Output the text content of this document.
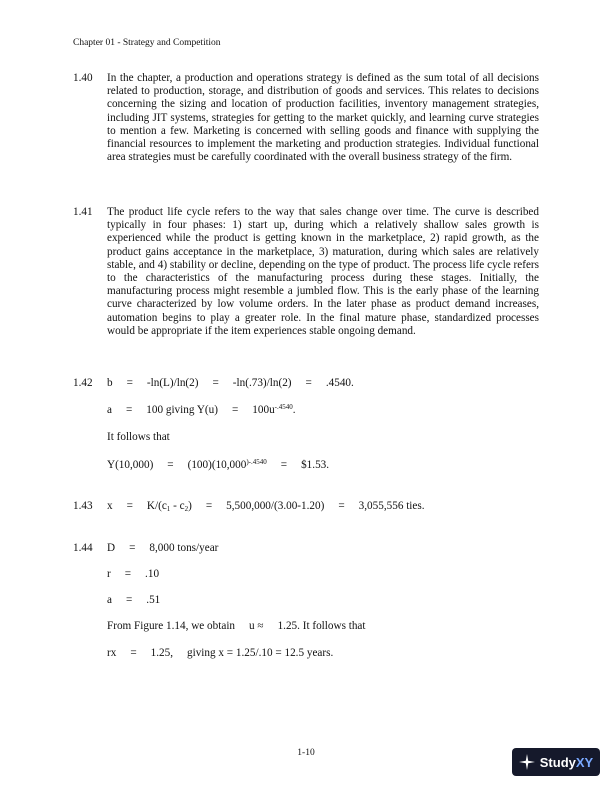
Chapter 01 - Strategy and Competition
1.40	In the chapter, a production and operations strategy is defined as the sum total of all decisions related to production, storage, and distribution of goods and services. This relates to decisions concerning the sizing and location of production facilities, inventory management strategies, including JIT systems, strategies for getting to the market quickly, and learning curve strategies to mention a few. Marketing is concerned with selling goods and finance with supplying the financial resources to implement the marketing and production strategies. Individual functional area strategies must be carefully coordinated with the overall business strategy of the firm.
1.41	The product life cycle refers to the way that sales change over time. The curve is described typically in four phases: 1) start up, during which a relatively shallow sales growth is experienced while the product is getting known in the marketplace, 2) rapid growth, as the product gains acceptance in the marketplace, 3) maturation, during which sales are relatively stable, and 4) stability or decline, depending on the type of product. The process life cycle refers to the characteristics of the manufacturing process during these stages. Initially, the manufacturing process might resemble a jumbled flow. This is the early phase of the learning curve characterized by low volume orders. In the later phase as product demand increases, automation begins to play a greater role. In the final mature phase, standardized processes would be appropriate if the item experiences stable ongoing demand.
1.42	b = -ln(L)/ln(2) = -ln(.73)/ln(2) = .4540.
a = 100 giving $Y(u) = 100u^{-.4540}$.
It follows that
$Y(10,000) = (100)(10,000^{)-.4540}$ = $1.53.
1.43	$x = K/(c_1 - c_2) = 5,500,000/(3.00-1.20) = 3,055,556$ ties.
1.44	D = 8,000 tons/year
r = .10
a = .51
From Figure 1.14, we obtain u ≈ 1.25. It follows that
rx = 1.25, giving x = 1.25/.10 = 12.5 years.
1-10
StudyXY
